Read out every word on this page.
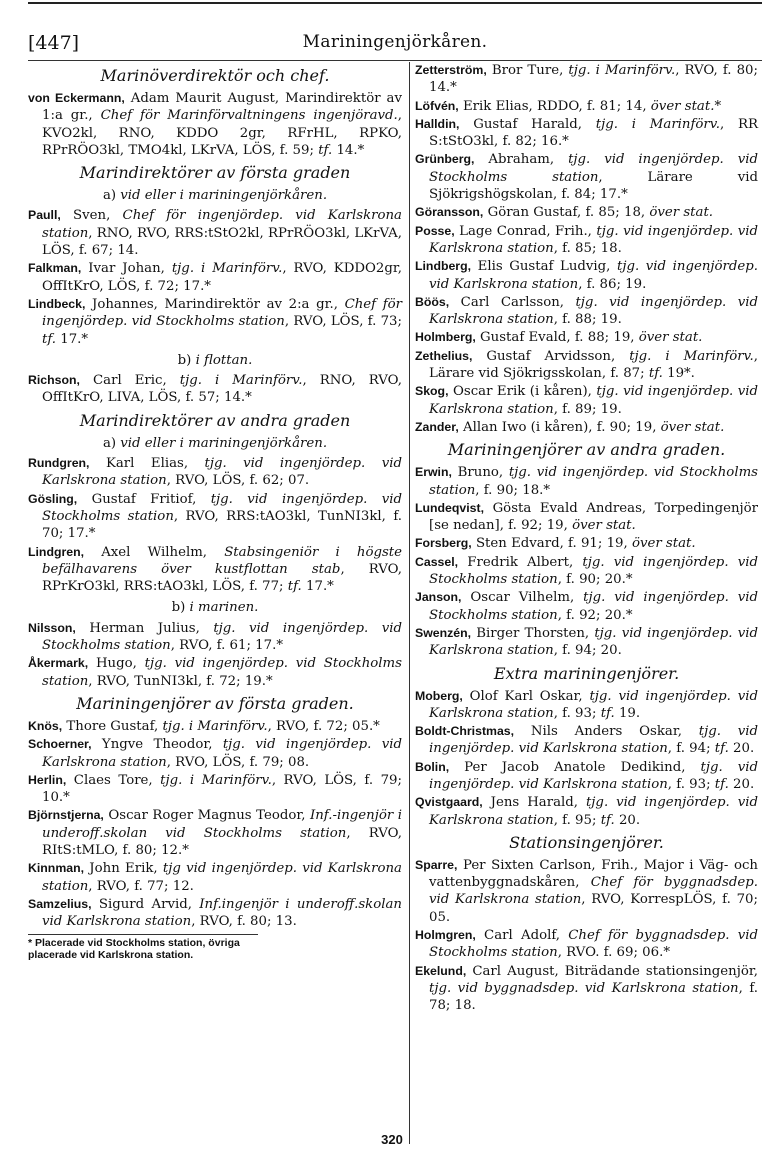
[447]	Mariningenjörkåren.
Marinöverdirektör och chef.
von Eckermann, Adam Maurit August, Marindirektör av 1:a gr., Chef för Marinförvaltningens ingenjöravd., KVO2kl, RNO, KDDO 2gr, RFrHL, RPKO, RPrRÖO3kl, TMO4kl, LKrVA, LÖS, f. 59; tf. 14.*
Marindirektörer av första graden
a) vid eller i mariningenjörkåren.
Paull, Sven, Chef för ingenjördep. vid Karlskrona station, RNO, RVO, RRS:tStO2kl, RPrRÖO3kl, LKrVA, LÖS, f. 67; 14.
Falkman, Ivar Johan, tjg. i Marinförv., RVO, KDDO2gr, OffItKrO, LÖS, f. 72; 17.*
Lindbeck, Johannes, Marindirektör av 2:a gr., Chef för ingenjördep. vid Stockholms station, RVO, LÖS, f. 73; tf. 17.*
b) i flottan.
Richson, Carl Eric, tjg. i Marinförv., RNO, RVO, OffItKrO, LIVA, LÖS, f. 57; 14.*
Marindirektörer av andra graden
a) vid eller i mariningenjörkåren.
Rundgren, Karl Elias, tjg. vid ingenjördep. vid Karlskrona station, RVO, LÖS, f. 62; 07.
Gösling, Gustaf Fritiof, tjg. vid ingenjördep. vid Stockholms station, RVO, RRS:tAO3kl, TunNI3kl, f. 70; 17.*
Lindgren, Axel Wilhelm, Stabsingeniör i högste befälhavarens över kustflottan stab, RVO, RPrKrO3kl, RRS:tAO3kl, LÖS, f. 77; tf. 17.*
b) i marinen.
Nilsson, Herman Julius, tjg. vid ingenjördep. vid Stockholms station, RVO, f. 61; 17.*
Åkermark, Hugo, tjg. vid ingenjördep. vid Stockholms station, RVO, TunNI3kl, f. 72; 19.*
Mariningenjörer av första graden.
Knös, Thore Gustaf, tjg. i Marinförv., RVO, f. 72; 05.*
Schoerner, Yngve Theodor, tjg. vid ingenjördep. vid Karlskrona station, RVO, LÖS, f. 79; 08.
Herlin, Claes Tore, tjg. i Marinförv., RVO, LÖS, f. 79; 10.*
Björnstjerna, Oscar Roger Magnus Teodor, Inf.-ingenjör i underoff.skolan vid Stockholms station, RVO, RItS:tMLO, f. 80; 12.*
Kinnman, John Erik, tjg vid ingenjördep. vid Karlskrona station, RVO, f. 77; 12.
Samzelius, Sigurd Arvid, Inf.ingenjör i underoff.skolan vid Karlskrona station, RVO, f. 80; 13.
* Placerade vid Stockholms station, övriga placerade vid Karlskrona station.
Zetterström, Bror Ture, tjg. i Marinförv., RVO, f. 80; 14.*
Löfvén, Erik Elias, RDDO, f. 81; 14, över stat.*
Halldin, Gustaf Harald, tjg. i Marinförv., RR S:tStO3kl, f. 82; 16.*
Grünberg, Abraham, tjg. vid ingenjördep. vid Stockholms station, Lärare vid Sjökrigshögskolan, f. 84; 17.*
Göransson, Göran Gustaf, f. 85; 18, över stat.
Posse, Lage Conrad, Frih., tjg. vid ingenjördep. vid Karlskrona station, f. 85; 18.
Lindberg, Elis Gustaf Ludvig, tjg. vid ingenjördep. vid Karlskrona station, f. 86; 19.
Böös, Carl Carlsson, tjg. vid ingenjördep. vid Karlskrona station, f. 88; 19.
Holmberg, Gustaf Evald, f. 88; 19, över stat.
Zethelius, Gustaf Arvidsson, tjg. i Marinförv., Lärare vid Sjökrigsskolan, f. 87; tf. 19*.
Skog, Oscar Erik (i kåren), tjg. vid ingenjördep. vid Karlskrona station, f. 89; 19.
Zander, Allan Iwo (i kåren), f. 90; 19, över stat.
Mariningenjörer av andra graden.
Erwin, Bruno, tjg. vid ingenjördep. vid Stockholms station, f. 90; 18.*
Lundeqvist, Gösta Evald Andreas, Torpedingenjör [se nedan], f. 92; 19, över stat.
Forsberg, Sten Edvard, f. 91; 19, över stat.
Cassel, Fredrik Albert, tjg. vid ingenjördep. vid Stockholms station, f. 90; 20.*
Janson, Oscar Vilhelm, tjg. vid ingenjördep. vid Stockholms station, f. 92; 20.*
Swenzén, Birger Thorsten, tjg. vid ingenjördep. vid Karlskrona station, f. 94; 20.
Extra mariningenjörer.
Moberg, Olof Karl Oskar, tjg. vid ingenjördep. vid Karlskrona station, f. 93; tf. 19.
Boldt-Christmas, Nils Anders Oskar, tjg. vid ingenjördep. vid Karlskrona station, f. 94; tf. 20.
Bolin, Per Jacob Anatole Dedikind, tjg. vid ingenjördep. vid Karlskrona station, f. 93; tf. 20.
Qvistgaard, Jens Harald, tjg. vid ingenjördep. vid Karlskrona station, f. 95; tf. 20.
Stationsingenjörer.
Sparre, Per Sixten Carlson, Frih., Major i Väg- och vattenbyggnadskåren, Chef för byggnadsdep. vid Karlskrona station, RVO, KorrespLÖS, f. 70; 05.
Holmgren, Carl Adolf, Chef för byggnadsdep. vid Stockholms station, RVO. f. 69; 06.*
Ekelund, Carl August, Biträdande stationsingenjör, tjg. vid byggnadsdep. vid Karlskrona station, f. 78; 18.
320
